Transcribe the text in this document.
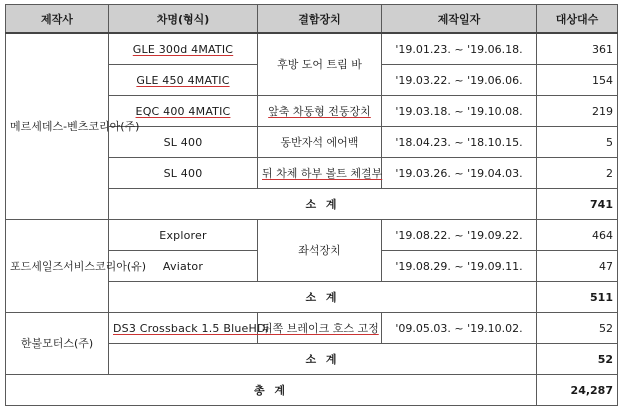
제작사	차명(형식)	결함장치	제작일자	대상대수
메르세데스-벤츠코리아(주)	GLE 300d 4MATIC	후방 도어 트림 바	'19.01.23. ~ '19.06.18.	361
	GLE 450 4MATIC		'19.03.22. ~ '19.06.06.	154
	EQC 400 4MATIC	앞축 차동형 전동장치	'19.03.18. ~ '19.10.08.	219
	SL 400	동반자석 에어백	'18.04.23. ~ '18.10.15.	5
	SL 400	뒤 차체 하부 볼트 체결부	'19.03.26. ~ '19.04.03.	2
	소 계			741
포드세일즈서비스코리아(유)	Explorer	좌석장치	'19.08.22. ~ '19.09.22.	464
	Aviator		'19.08.29. ~ '19.09.11.	47
	소 계			511
한불모터스(주)	DS3 Crossback 1.5 BlueHDi	뒤쪽 브레이크 호스 고정	'09.05.03. ~ '19.10.02.	52
	소 계			52
총 계				24,287
